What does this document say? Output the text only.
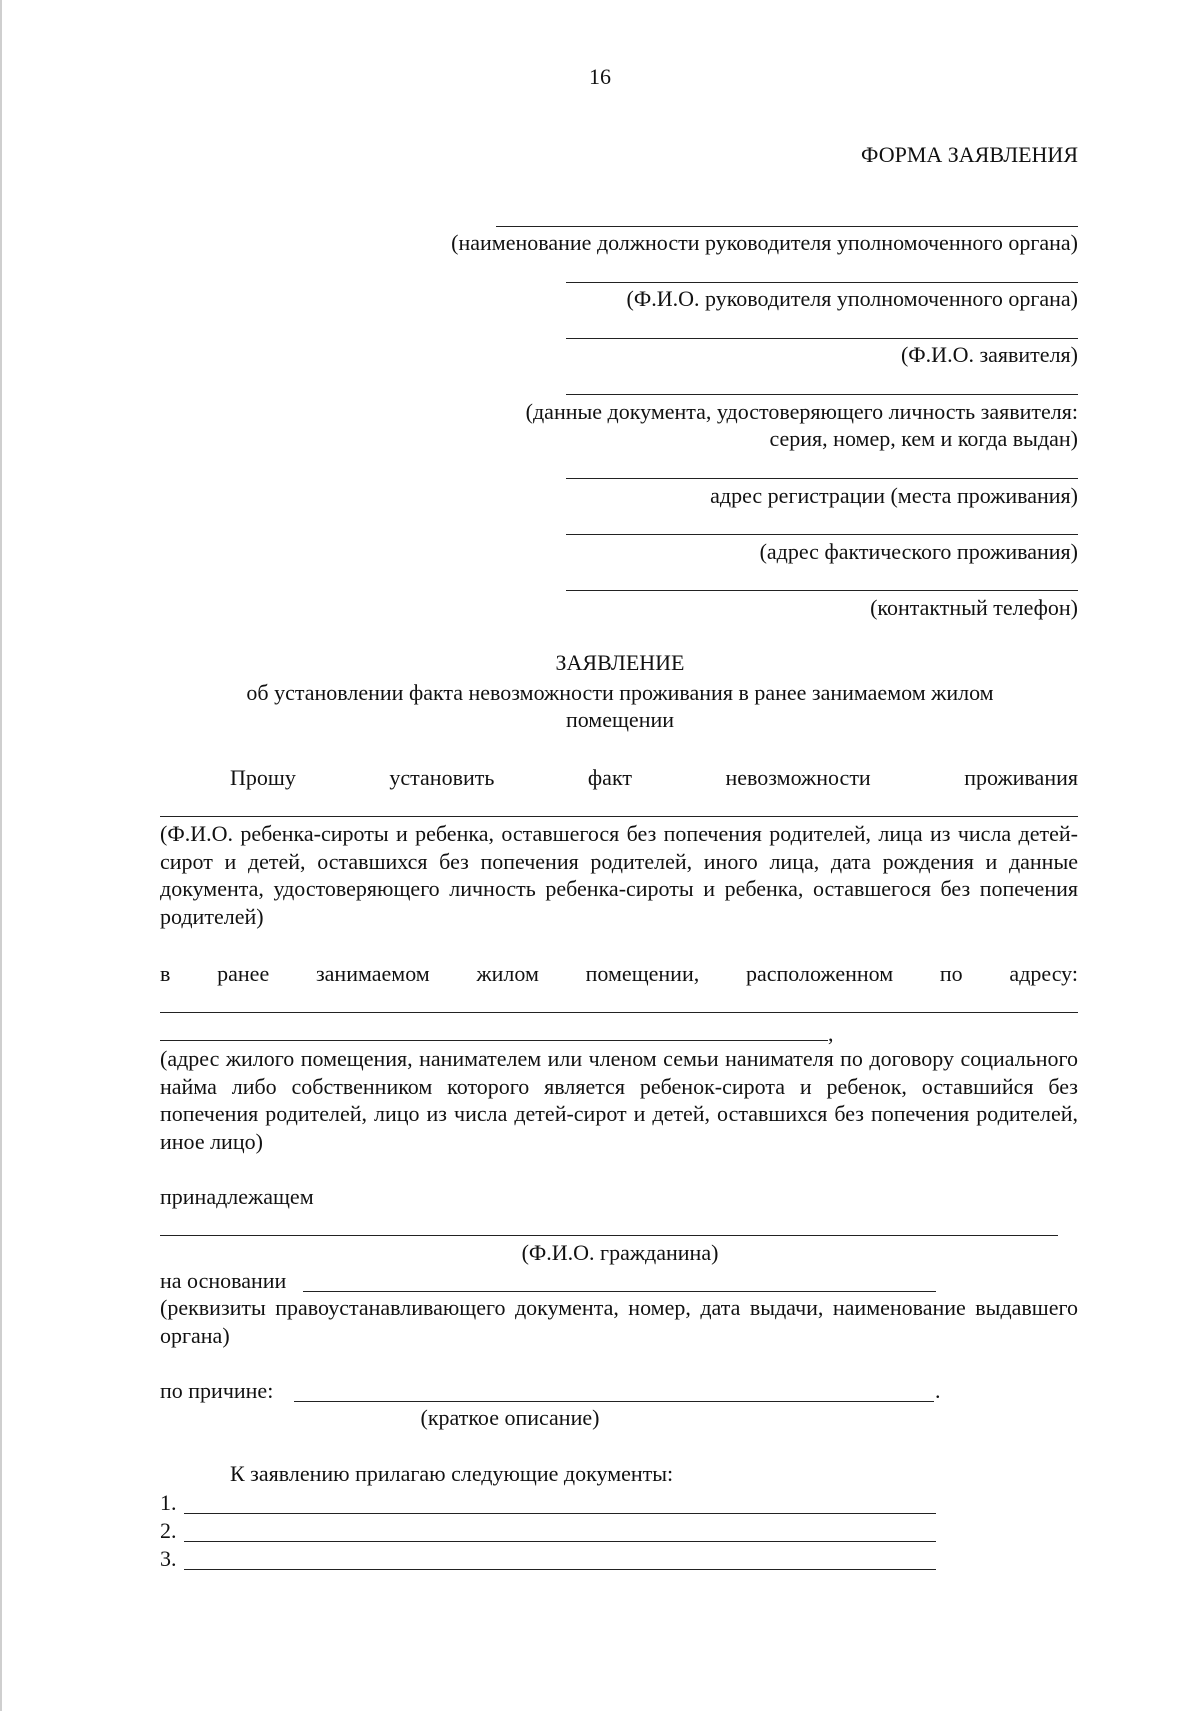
16
ФОРМА ЗАЯВЛЕНИЯ
(наименование должности руководителя уполномоченного органа)
(Ф.И.О. руководителя уполномоченного органа)
(Ф.И.О. заявителя)
(данные документа, удостоверяющего личность заявителя:
серия, номер, кем и когда выдан)
адрес регистрации (места проживания)
(адрес фактического проживания)
(контактный телефон)
ЗАЯВЛЕНИЕ
об установлении факта невозможности проживания в ранее занимаемом жилом
помещении
Прошу установить факт невозможности проживания
(Ф.И.О. ребенка-сироты и ребенка, оставшегося без попечения родителей, лица из числа детей-сирот и детей, оставшихся без попечения родителей, иного лица, дата рождения и данные документа, удостоверяющего личность ребенка-сироты и ребенка, оставшегося без попечения родителей)
в ранее занимаемом жилом помещении, расположенном по адресу:
,
(адрес жилого помещения, нанимателем или членом семьи нанимателя по договору социального найма либо собственником которого является ребенок-сирота и ребенок, оставшийся без попечения родителей, лицо из числа детей-сирот и детей, оставшихся без попечения родителей, иное лицо)
принадлежащем
(Ф.И.О. гражданина)
на основании
(реквизиты правоустанавливающего документа, номер, дата выдачи, наименование выдавшего органа)
по причине:	.
(краткое описание)
К заявлению прилагаю следующие документы:
1.
2.
3.
